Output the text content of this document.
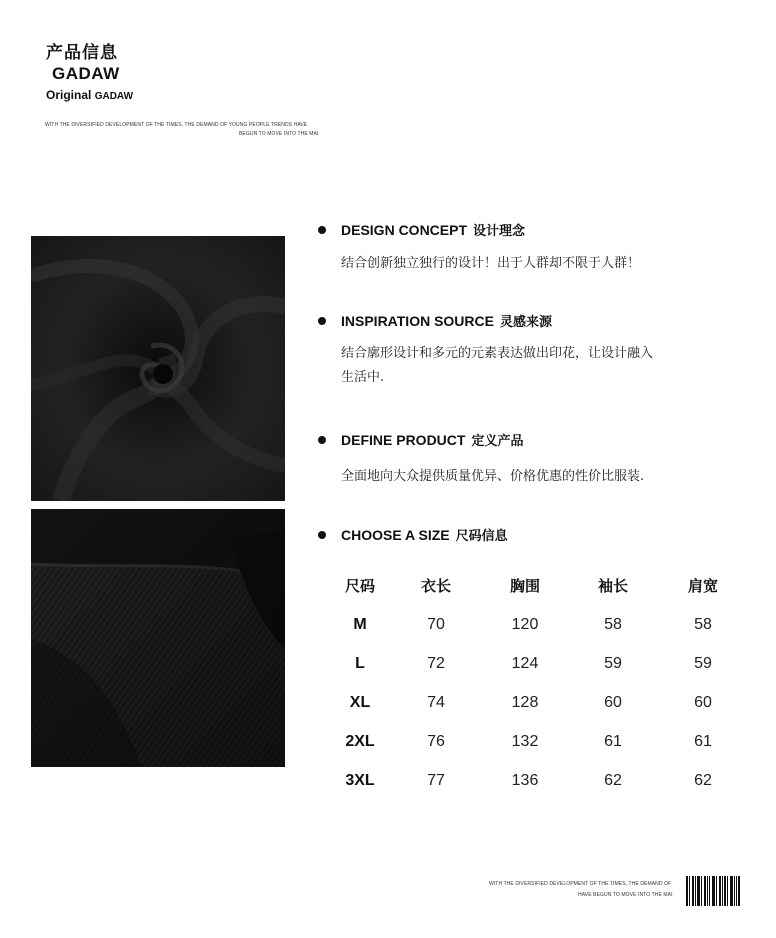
产品信息
GADAW
Original GADAW
WITH THE DIVERSIFIED DEVELOPMENT OF THE TIMES, THE DEMAND OF YOUNG PEOPLE TRENDS HAVE
BEGUN TO MOVE INTO THE MAI
DESIGN CONCEPT 设计理念
结合创新独立独行的设计！出于人群却不限于人群！
INSPIRATION SOURCE 灵感来源
结合廓形设计和多元的元素表达做出印花，让设计融入
生活中.
DEFINE PRODUCT 定义产品
全面地向大众提供质量优异、价格优惠的性价比服装.
CHOOSE A SIZE 尺码信息
尺码	衣长	胸围	袖长	肩宽
M	70	120	58	58
L	72	124	59	59
XL	74	128	60	60
2XL	76	132	61	61
3XL	77	136	62	62
WITH THE DIVERSIFIED DEVELOPMENT OF THE TIMES, THE DEMAND OF
HAVE BEGUN TO MOVE INTO THE MAI
